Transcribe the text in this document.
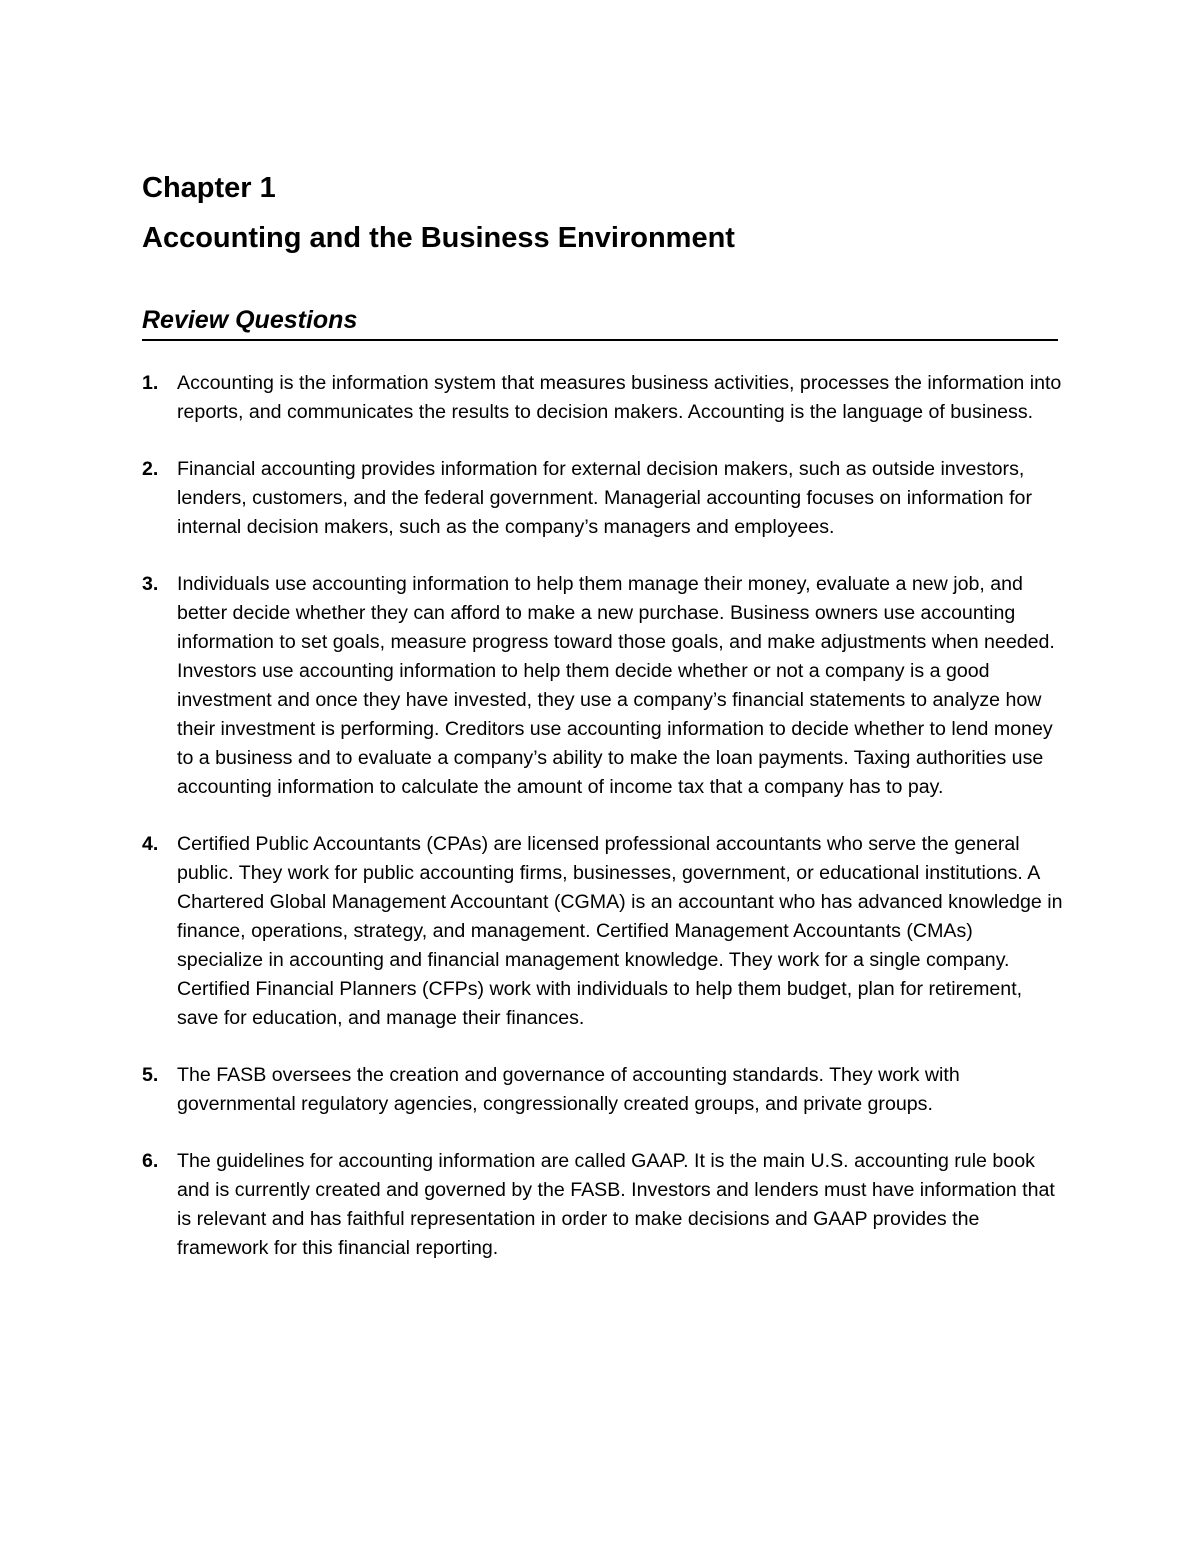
Chapter 1
Accounting and the Business Environment
Review Questions
1. Accounting is the information system that measures business activities, processes the information into reports, and communicates the results to decision makers. Accounting is the language of business.
2. Financial accounting provides information for external decision makers, such as outside investors, lenders, customers, and the federal government. Managerial accounting focuses on information for internal decision makers, such as the company’s managers and employees.
3. Individuals use accounting information to help them manage their money, evaluate a new job, and better decide whether they can afford to make a new purchase. Business owners use accounting information to set goals, measure progress toward those goals, and make adjustments when needed. Investors use accounting information to help them decide whether or not a company is a good investment and once they have invested, they use a company’s financial statements to analyze how their investment is performing. Creditors use accounting information to decide whether to lend money to a business and to evaluate a company’s ability to make the loan payments. Taxing authorities use accounting information to calculate the amount of income tax that a company has to pay.
4. Certified Public Accountants (CPAs) are licensed professional accountants who serve the general public. They work for public accounting firms, businesses, government, or educational institutions. A Chartered Global Management Accountant (CGMA) is an accountant who has advanced knowledge in finance, operations, strategy, and management. Certified Management Accountants (CMAs) specialize in accounting and financial management knowledge. They work for a single company. Certified Financial Planners (CFPs) work with individuals to help them budget, plan for retirement, save for education, and manage their finances.
5. The FASB oversees the creation and governance of accounting standards. They work with governmental regulatory agencies, congressionally created groups, and private groups.
6. The guidelines for accounting information are called GAAP. It is the main U.S. accounting rule book and is currently created and governed by the FASB. Investors and lenders must have information that is relevant and has faithful representation in order to make decisions and GAAP provides the framework for this financial reporting.
